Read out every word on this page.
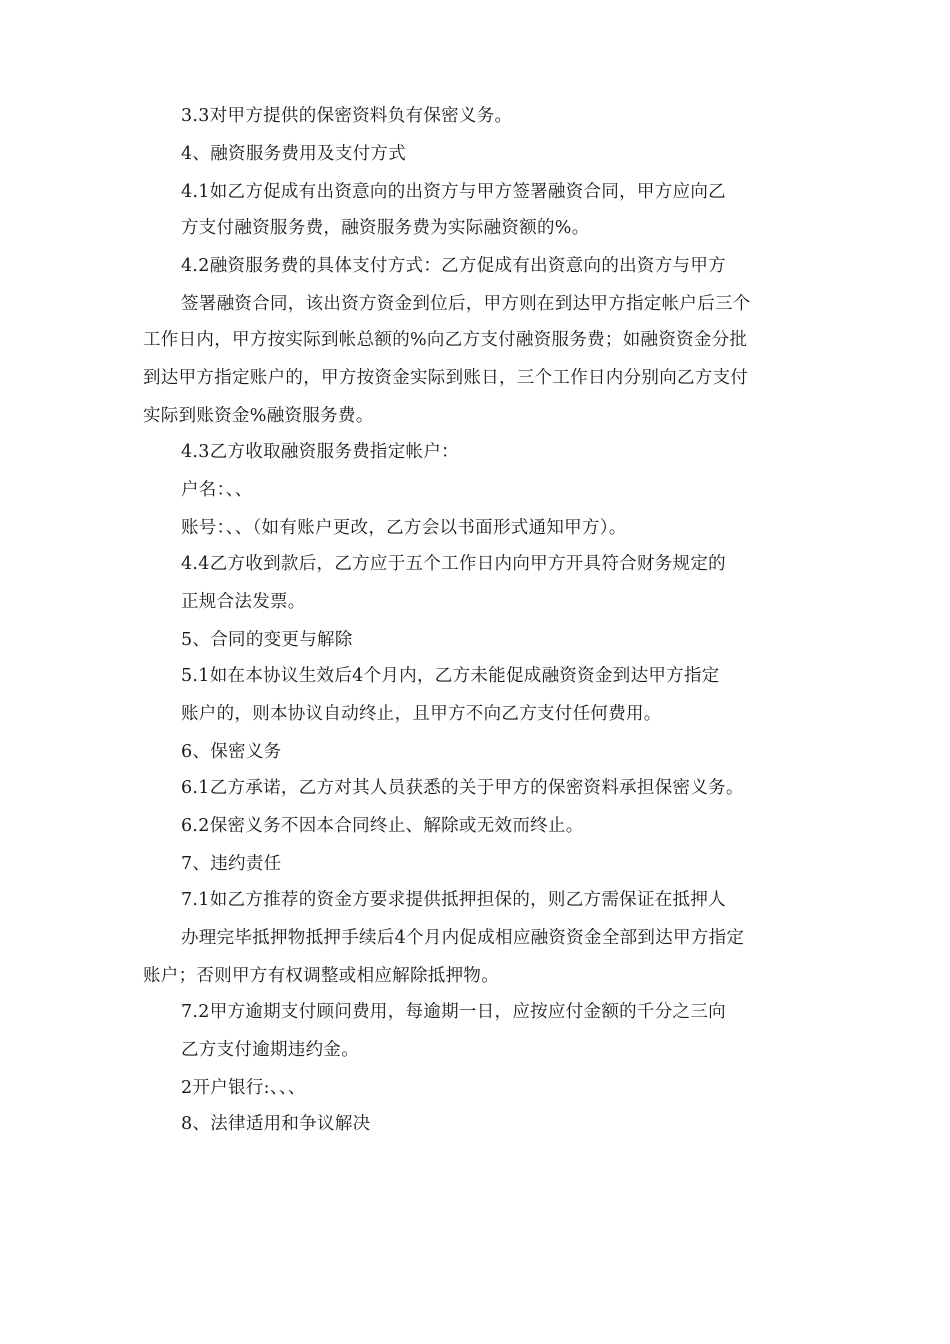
3.3对甲方提供的保密资料负有保密义务。
4、融资服务费用及支付方式
4.1如乙方促成有出资意向的出资方与甲方签署融资合同，甲方应向乙
方支付融资服务费，融资服务费为实际融资额的%。
4.2融资服务费的具体支付方式：乙方促成有出资意向的出资方与甲方
签署融资合同，该出资方资金到位后，甲方则在到达甲方指定帐户后三个
工作日内，甲方按实际到帐总额的%向乙方支付融资服务费；如融资资金分批
到达甲方指定账户的，甲方按资金实际到账日，三个工作日内分别向乙方支付
实际到账资金%融资服务费。
4.3乙方收取融资服务费指定帐户：
户名：、、
账号：、、（如有账户更改，乙方会以书面形式通知甲方）。
4.4乙方收到款后，乙方应于五个工作日内向甲方开具符合财务规定的
正规合法发票。
5、合同的变更与解除
5.1如在本协议生效后4个月内，乙方未能促成融资资金到达甲方指定
账户的，则本协议自动终止，且甲方不向乙方支付任何费用。
6、保密义务
6.1乙方承诺，乙方对其人员获悉的关于甲方的保密资料承担保密义务。
6.2保密义务不因本合同终止、解除或无效而终止。
7、违约责任
7.1如乙方推荐的资金方要求提供抵押担保的，则乙方需保证在抵押人
办理完毕抵押物抵押手续后4个月内促成相应融资资金全部到达甲方指定
账户；否则甲方有权调整或相应解除抵押物。
7.2甲方逾期支付顾问费用，每逾期一日，应按应付金额的千分之三向
乙方支付逾期违约金。
2开户银行:、、、
8、法律适用和争议解决
